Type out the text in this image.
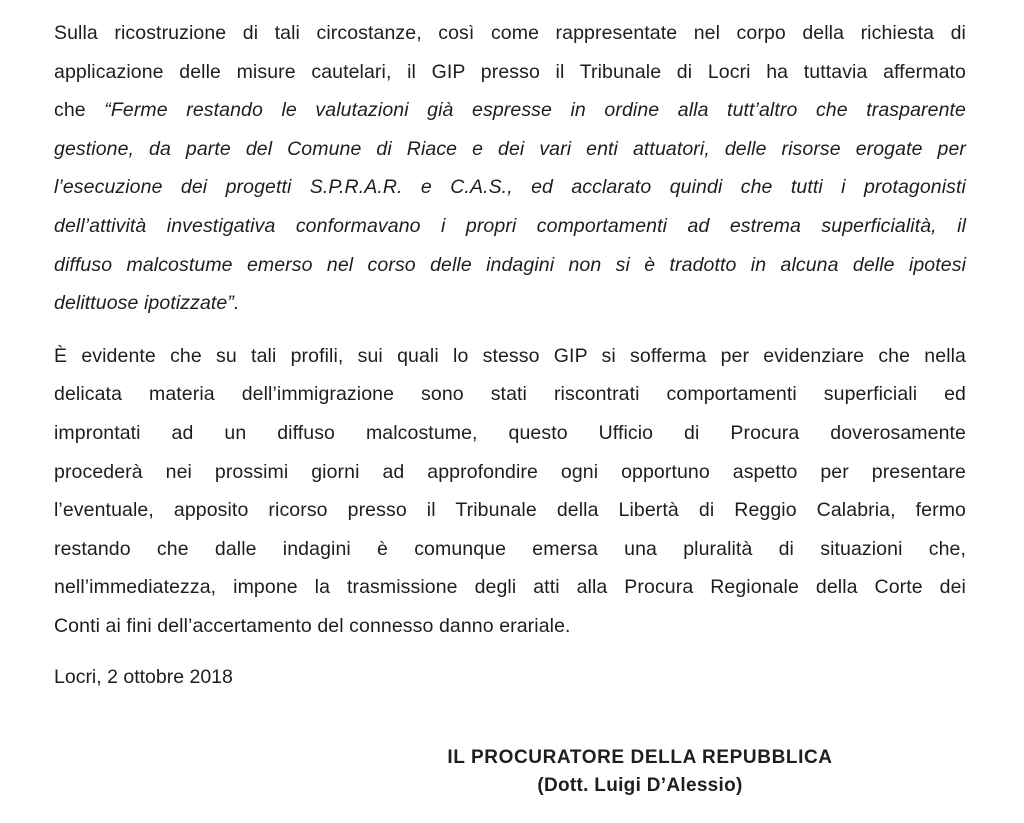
Sulla ricostruzione di tali circostanze, così come rappresentate nel corpo della richiesta di
applicazione delle misure cautelari, il GIP presso il Tribunale di Locri ha tuttavia affermato
che “Ferme restando le valutazioni già espresse in ordine alla tutt’altro che trasparente
gestione, da parte del Comune di Riace e dei vari enti attuatori, delle risorse erogate per
l’esecuzione dei progetti S.P.R.A.R. e C.A.S., ed acclarato quindi che tutti i protagonisti
dell’attività investigativa conformavano i propri comportamenti ad estrema superficialità, il
diffuso malcostume emerso nel corso delle indagini non si è tradotto in alcuna delle ipotesi
delittuose ipotizzate”.
È evidente che su tali profili, sui quali lo stesso GIP si sofferma per evidenziare che nella
delicata materia dell’immigrazione sono stati riscontrati comportamenti superficiali ed
improntati ad un diffuso malcostume, questo Ufficio di Procura doverosamente
procederà nei prossimi giorni ad approfondire ogni opportuno aspetto per presentare
l’eventuale, apposito ricorso presso il Tribunale della Libertà di Reggio Calabria, fermo
restando che dalle indagini è comunque emersa una pluralità di situazioni che,
nell’immediatezza, impone la trasmissione degli atti alla Procura Regionale della Corte dei
Conti ai fini dell’accertamento del connesso danno erariale.
Locri, 2 ottobre 2018
IL PROCURATORE DELLA REPUBBLICA
(Dott. Luigi D’Alessio)
